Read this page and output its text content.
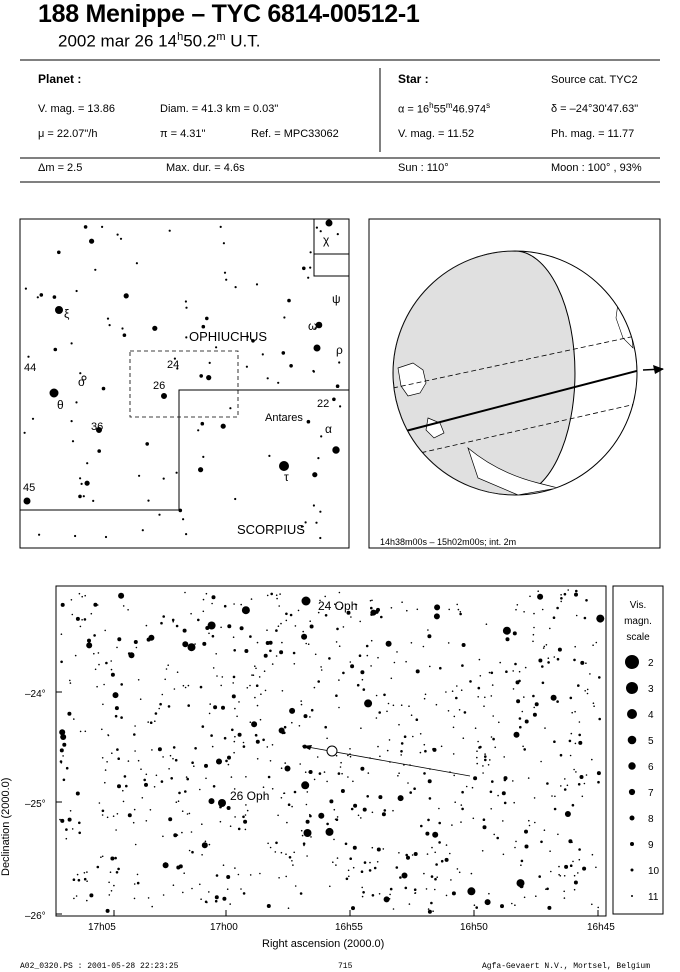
188 Menippe – TYC 6814-00512-1
2002 mar 26 14$^h$50.2$^m$ U.T.
Planet :
V. mag. = 13.86	Diam. = 41.3 km = 0.03"
μ = 22.07"/h	π = 4.31"	Ref. = MPC33062
Star :	Source cat. TYC2
$\alpha = 16^h55^m46.974^s$	δ = –24°30'47.63"
V. mag. = 11.52	Ph. mag. = 11.77
Δm = 2.5	Max. dur. = 4.6s	Sun : 110°	Moon : 100° , 93%
OPHIUCHUS
SCORPIUS
Antares
χ
ψ
ω
ρ
ξ
ο
θ
α
τ
44	24
26
36
22
45
14h38m00s – 15h02m00s; int. 2m
–24°
–25°
–26°
17h05	17h00	16h55	16h50	16h45
Right ascension (2000.0)
Declination (2000.0)
24 Oph
26 Oph
Vis.
magn.
scale
2
3
4
5
6
7
8
9
10
11
A02_0320.PS : 2001-05-28 22:23:25	715	Agfa-Gevaert N.V., Mortsel, Belgium
